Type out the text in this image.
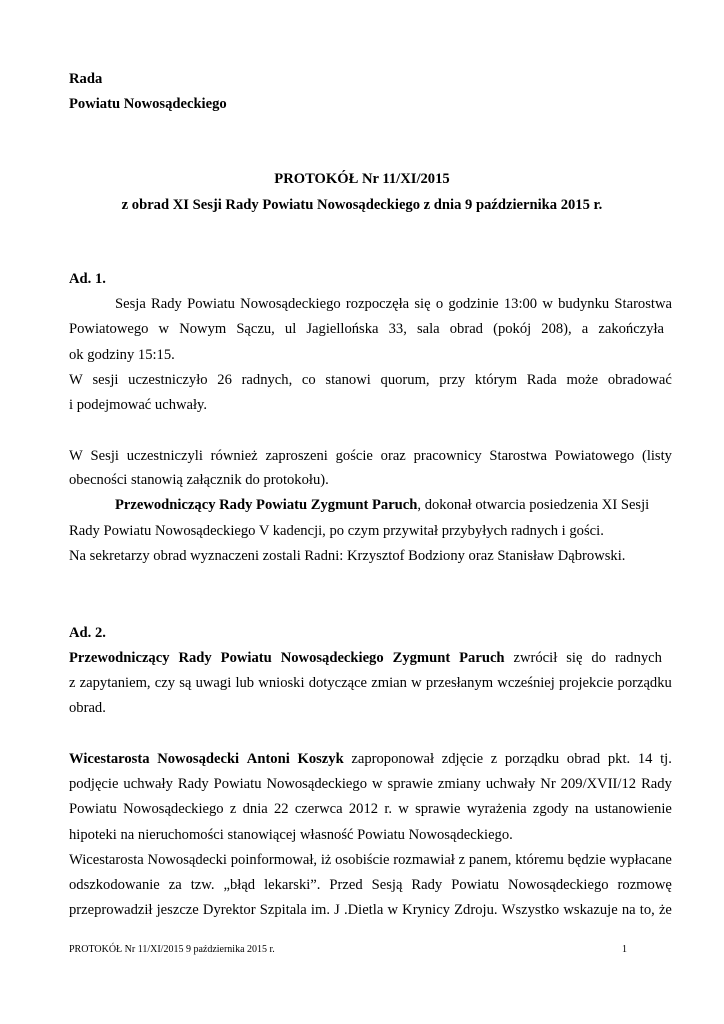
Rada
Powiatu Nowosądeckiego
PROTOKÓŁ Nr 11/XI/2015
z obrad XI Sesji Rady Powiatu Nowosądeckiego z dnia 9 października 2015 r.
Ad. 1.
Sesja Rady Powiatu Nowosądeckiego rozpoczęła się o godzinie 13:00 w budynku Starostwa
Powiatowego w Nowym Sączu, ul Jagiellońska 33, sala obrad (pokój 208), a zakończyła
ok godziny 15:15.
W sesji uczestniczyło 26 radnych, co stanowi quorum, przy którym Rada może obradować
i podejmować uchwały.
W Sesji uczestniczyli również zaproszeni goście oraz pracownicy Starostwa Powiatowego (listy
obecności stanowią załącznik do protokołu).
Przewodniczący Rady Powiatu Zygmunt Paruch, dokonał otwarcia posiedzenia XI Sesji
Rady Powiatu Nowosądeckiego V kadencji, po czym przywitał przybyłych radnych i gości.
Na sekretarzy obrad wyznaczeni zostali Radni: Krzysztof Bodziony oraz Stanisław Dąbrowski.
Ad. 2.
Przewodniczący Rady Powiatu Nowosądeckiego Zygmunt Paruch zwrócił się do radnych
z zapytaniem, czy są uwagi lub wnioski dotyczące zmian w przesłanym wcześniej projekcie porządku
obrad.
Wicestarosta Nowosądecki Antoni Koszyk zaproponował zdjęcie z porządku obrad pkt. 14 tj.
podjęcie uchwały Rady Powiatu Nowosądeckiego w sprawie zmiany uchwały Nr 209/XVII/12 Rady
Powiatu Nowosądeckiego z dnia 22 czerwca 2012 r. w sprawie wyrażenia zgody na ustanowienie
hipoteki na nieruchomości stanowiącej własność Powiatu Nowosądeckiego.
Wicestarosta Nowosądecki poinformował, iż osobiście rozmawiał z panem, któremu będzie wypłacane
odszkodowanie za tzw. „błąd lekarski”. Przed Sesją Rady Powiatu Nowosądeckiego rozmowę
przeprowadził jeszcze Dyrektor Szpitala im. J .Dietla w Krynicy Zdroju. Wszystko wskazuje na to, że
PROTOKÓŁ Nr 11/XI/2015 9 października 2015 r.	1
